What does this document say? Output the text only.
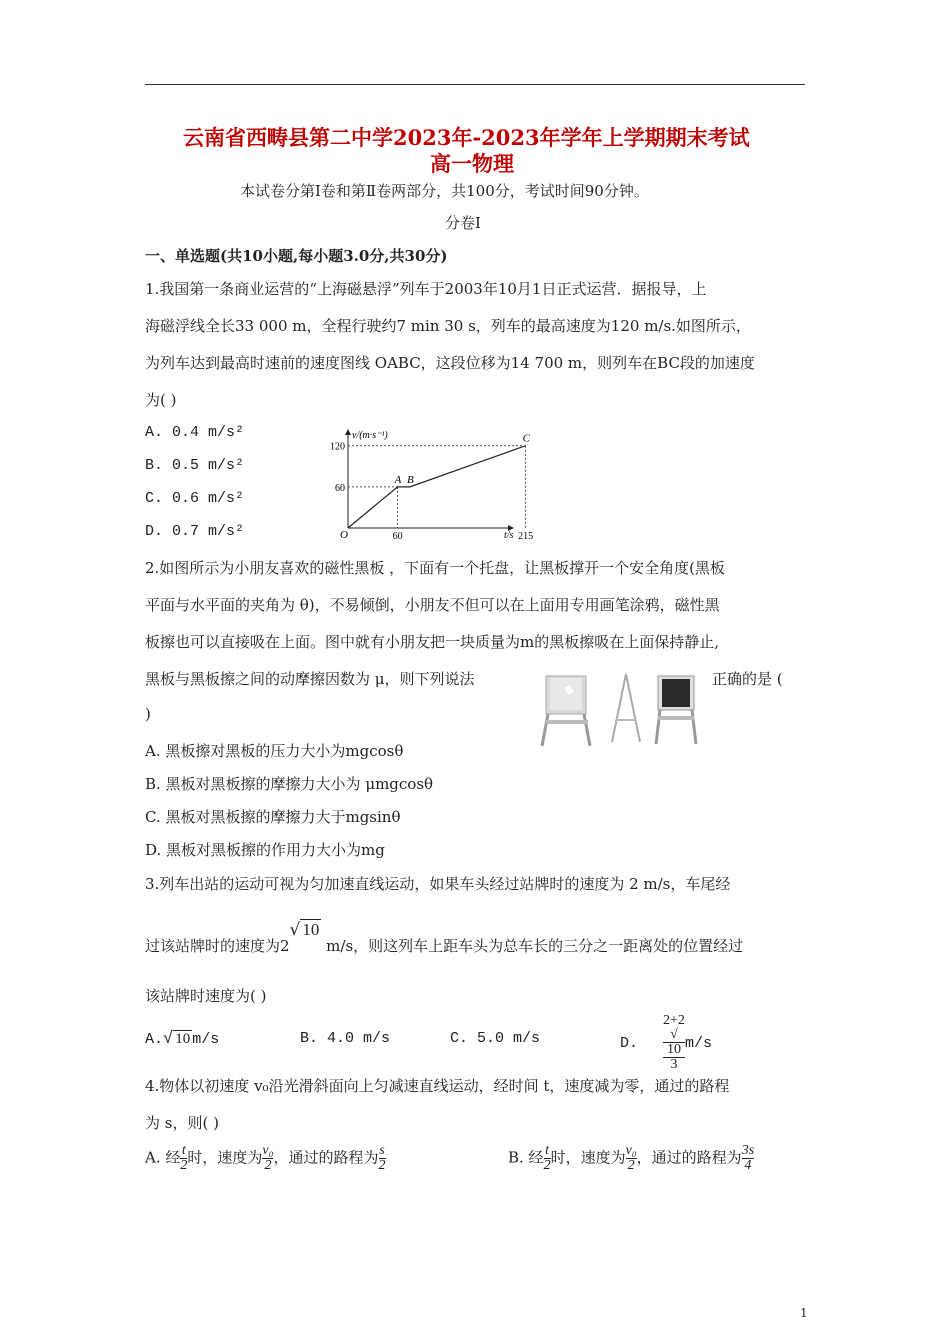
云南省西畴县第二中学2023年-2023年学年上学期期末考试
高一物理
本试卷分第Ⅰ卷和第Ⅱ卷两部分，共100分，考试时间90分钟。
分卷Ⅰ
一、单选题(共10小题,每小题3.0分,共30分)
1.我国第一条商业运营的“上海磁悬浮”列车于2003年10月1日正式运营．据报导，上
海磁浮线全长33 000 m，全程行驶约7 min 30 s，列车的最高速度为120 m/s.如图所示，
为列车达到最高时速前的速度图线 OABC，这段位移为14 700 m，则列车在BC段的加速度
为( )
A. 0.4 m/s²
B. 0.5 m/s²
C. 0.6 m/s²
D. 0.7 m/s²
v/(m·s⁻¹)
t/s
O
A B
C
60
120
60	215
2.如图所示为小朋友喜欢的磁性黑板 ，下面有一个托盘，让黑板撑开一个安全角度(黑板
平面与水平面的夹角为 θ)，不易倾倒，小朋友不但可以在上面用专用画笔涂鸦，磁性黑
板擦也可以直接吸在上面。图中就有小朋友把一块质量为m的黑板擦吸在上面保持静止,
黑板与黑板擦之间的动摩擦因数为 μ，则下列说法	正确的是 (
)
A. 黑板擦对黑板的压力大小为mgcosθ
B. 黑板对黑板擦的摩擦力大小为 μmgcosθ
C. 黑板对黑板擦的摩擦力大于mgsinθ
D. 黑板对黑板擦的作用力大小为mg
3.列车出站的运动可视为匀加速直线运动，如果车头经过站牌时的速度为 2 m/s，车尾经
过该站牌时的速度为2√ 10 m/s，则这列车上距车头为总车长的三分之一距离处的位置经过
该站牌时速度为( )
A.√ 10 m/s	B. 4.0 m/s	C. 5.0 m/s	D. 2+2
√
10
3 m/s
4.物体以初速度 v₀沿光滑斜面向上匀减速直线运动，经时间 t，速度减为零，通过的路程
为 s，则( )
A. 经 $\frac{t}{2}$ 时，速度为 $\frac{\text{v₀}}{2}$ ，通过的路程为 $\frac{s}{2}$	B. 经 $\frac{t}{2}$ 时，速度为 $\frac{\text{v₀}}{2}$ ，通过的路程为 $\frac{3s}{4}$
1
